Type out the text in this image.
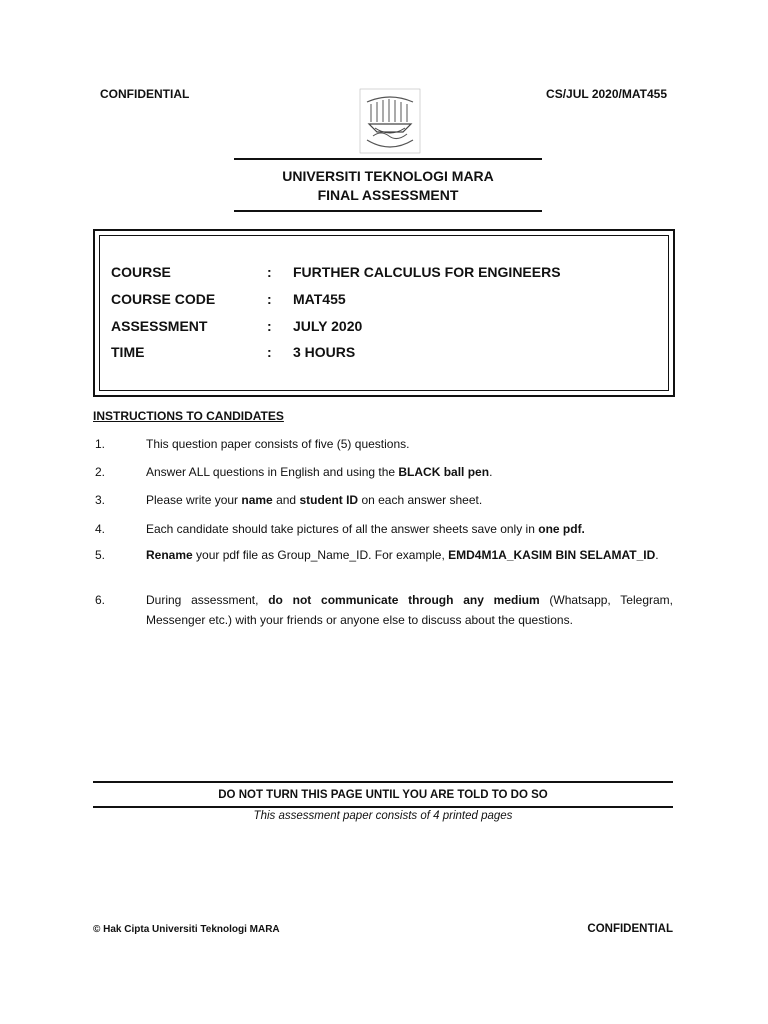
CONFIDENTIAL	CS/JUL 2020/MAT455
UNIVERSITI TEKNOLOGI MARA
FINAL ASSESSMENT
COURSE	: FURTHER CALCULUS FOR ENGINEERS
COURSE CODE	: MAT455
ASSESSMENT	: JULY 2020
TIME	: 3 HOURS
INSTRUCTIONS TO CANDIDATES
1.	This question paper consists of five (5) questions.
2.	Answer ALL questions in English and using the BLACK ball pen.
3.	Please write your name and student ID on each answer sheet.
4.	Each candidate should take pictures of all the answer sheets save only in one pdf.
5.	Rename your pdf file as Group_Name_ID. For example, EMD4M1A_KASIM BIN SELAMAT_ID.
6.	During assessment, do not communicate through any medium (Whatsapp, Telegram, Messenger etc.) with your friends or anyone else to discuss about the questions.
DO NOT TURN THIS PAGE UNTIL YOU ARE TOLD TO DO SO
This assessment paper consists of 4 printed pages
© Hak Cipta Universiti Teknologi MARA	CONFIDENTIAL
